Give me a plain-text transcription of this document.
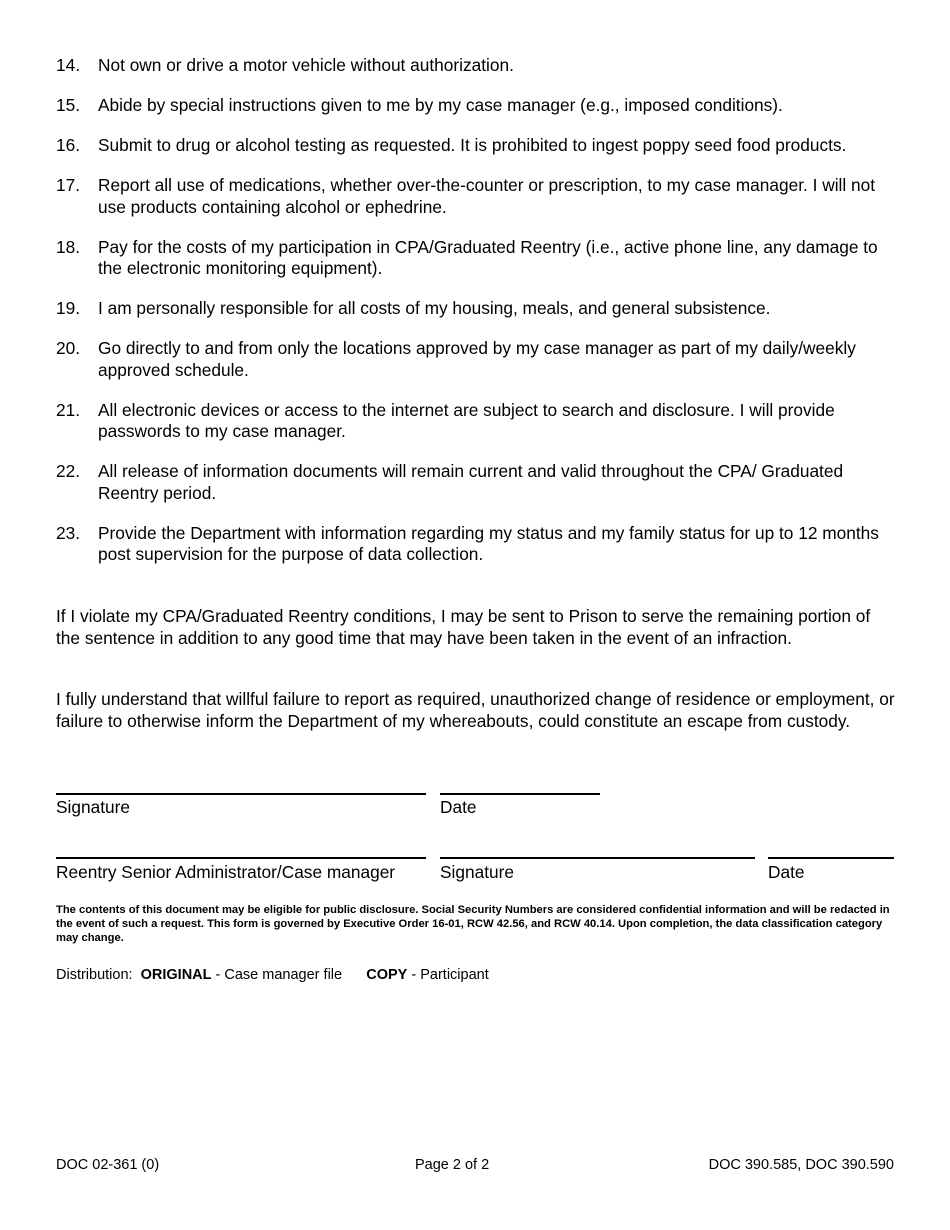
14.	Not own or drive a motor vehicle without authorization.
15.	Abide by special instructions given to me by my case manager (e.g., imposed conditions).
16.	Submit to drug or alcohol testing as requested. It is prohibited to ingest poppy seed food products.
17.	Report all use of medications, whether over-the-counter or prescription, to my case manager. I will not use products containing alcohol or ephedrine.
18.	Pay for the costs of my participation in CPA/Graduated Reentry (i.e., active phone line, any damage to the electronic monitoring equipment).
19.	I am personally responsible for all costs of my housing, meals, and general subsistence.
20.	Go directly to and from only the locations approved by my case manager as part of my daily/weekly approved schedule.
21.	All electronic devices or access to the internet are subject to search and disclosure. I will provide passwords to my case manager.
22.	All release of information documents will remain current and valid throughout the CPA/ Graduated Reentry period.
23.	Provide the Department with information regarding my status and my family status for up to 12 months post supervision for the purpose of data collection.

If I violate my CPA/Graduated Reentry conditions, I may be sent to Prison to serve the remaining portion of the sentence in addition to any good time that may have been taken in the event of an infraction.

I fully understand that willful failure to report as required, unauthorized change of residence or employment, or failure to otherwise inform the Department of my whereabouts, could constitute an escape from custody.

Signature	Date
Reentry Senior Administrator/Case manager	Signature	Date

The contents of this document may be eligible for public disclosure. Social Security Numbers are considered confidential information and will be redacted in the event of such a request. This form is governed by Executive Order 16-01, RCW 42.56, and RCW 40.14. Upon completion, the data classification category may change.

Distribution:  ORIGINAL - Case manager file      COPY - Participant
DOC 02-361 (0)	Page 2 of 2	DOC 390.585, DOC 390.590
